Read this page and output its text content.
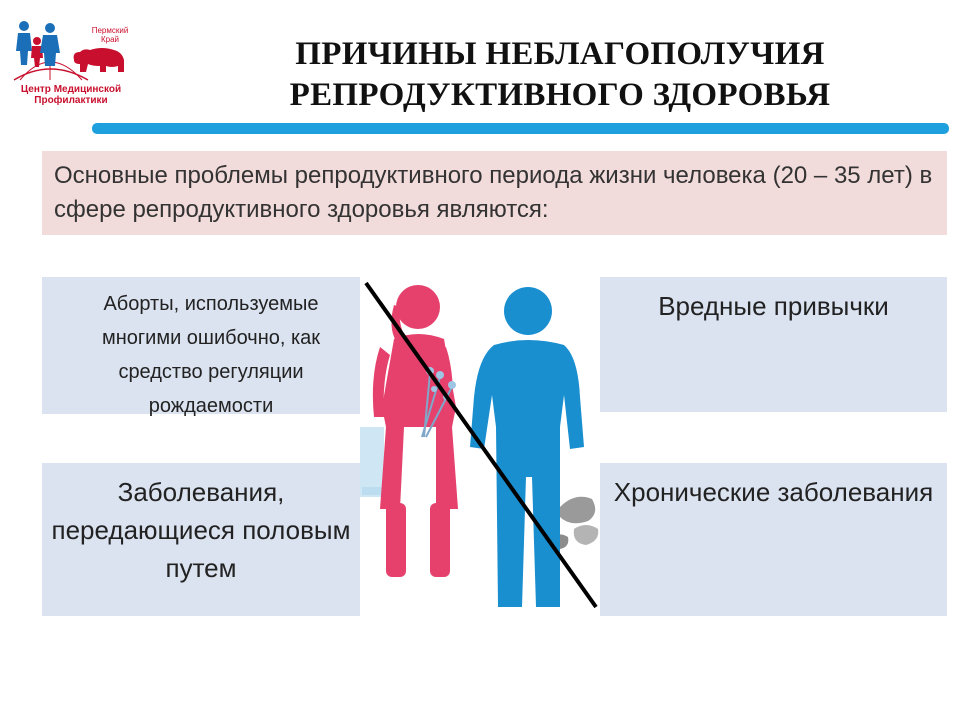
Пермский Край
Центр Медицинской
Профилактики
ПРИЧИНЫ НЕБЛАГОПОЛУЧИЯ
РЕПРОДУКТИВНОГО ЗДОРОВЬЯ
Основные проблемы репродуктивного периода жизни человека (20 – 35 лет) в сфере репродуктивного здоровья являются:
Аборты, используемые многими ошибочно, как средство регуляции рождаемости
Вредные привычки
Заболевания, передающиеся половым путем
Хронические заболевания
